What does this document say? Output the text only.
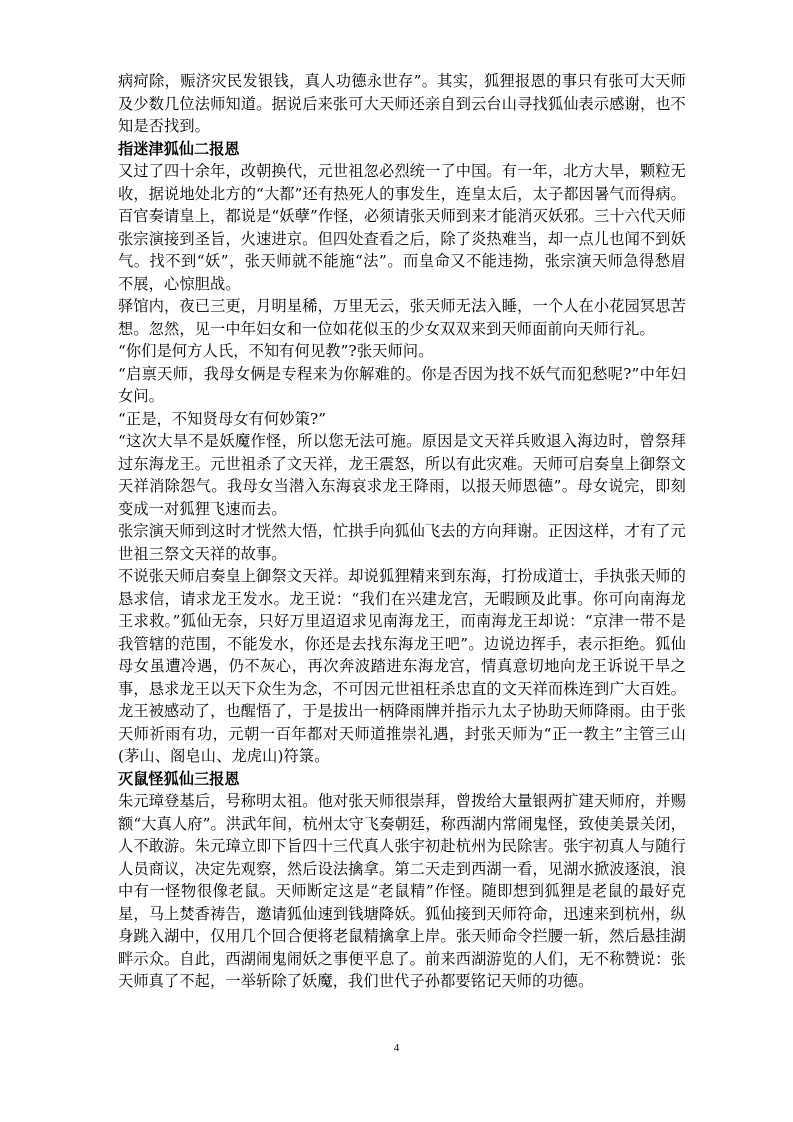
病疴除，赈济灾民发银钱，真人功德永世存”。其实，狐狸报恩的事只有张可大天师及少数几位法师知道。据说后来张可大天师还亲自到云台山寻找狐仙表示感谢，也不知是否找到。

指迷津狐仙二报恩

又过了四十余年，改朝换代，元世祖忽必烈统一了中国。有一年，北方大旱，颗粒无收，据说地处北方的“大都”还有热死人的事发生，连皇太后，太子都因暑气而得病。百官奏请皇上，都说是“妖孽”作怪，必须请张天师到来才能消灭妖邪。三十六代天师张宗演接到圣旨，火速进京。但四处查看之后，除了炎热难当，却一点儿也闻不到妖气。找不到“妖”，张天师就不能施“法”。而皇命又不能违拗，张宗演天师急得愁眉不展，心惊胆战。

驿馆内，夜已三更，月明星稀，万里无云，张天师无法入睡，一个人在小花园冥思苦想。忽然，见一中年妇女和一位如花似玉的少女双双来到天师面前向天师行礼。

“你们是何方人氏，不知有何见教”?张天师问。

“启禀天师，我母女俩是专程来为你解难的。你是否因为找不妖气而犯愁呢?”中年妇女问。

“正是，不知贤母女有何妙策?”

“这次大旱不是妖魔作怪，所以您无法可施。原因是文天祥兵败退入海边时，曾祭拜过东海龙王。元世祖杀了文天祥，龙王震怒，所以有此灾难。天师可启奏皇上御祭文天祥消除怨气。我母女当潜入东海哀求龙王降雨，以报天师恩德”。母女说完，即刻变成一对狐狸飞速而去。

张宗演天师到这时才恍然大悟，忙拱手向狐仙飞去的方向拜谢。正因这样，才有了元世祖三祭文天祥的故事。

不说张天师启奏皇上御祭文天祥。却说狐狸精来到东海，打扮成道士，手执张天师的恳求信，请求龙王发水。龙王说：“我们在兴建龙宫，无暇顾及此事。你可向南海龙王求救。”狐仙无奈，只好万里迢迢求见南海龙王，而南海龙王却说：“京津一带不是我管辖的范围，不能发水，你还是去找东海龙王吧”。边说边挥手，表示拒绝。狐仙母女虽遭冷遇，仍不灰心，再次奔波踏进东海龙宫，情真意切地向龙王诉说干旱之事，恳求龙王以天下众生为念，不可因元世祖枉杀忠直的文天祥而株连到广大百姓。龙王被感动了，也醒悟了，于是拔出一柄降雨牌并指示九太子协助天师降雨。由于张天师祈雨有功，元朝一百年都对天师道推崇礼遇，封张天师为“正一教主”主管三山(茅山、阁皂山、龙虎山)符箓。

灭鼠怪狐仙三报恩

朱元璋登基后，号称明太祖。他对张天师很崇拜，曾拨给大量银两扩建天师府，并赐额“大真人府”。洪武年间，杭州太守飞奏朝廷，称西湖内常闹鬼怪，致使美景关闭，人不敢游。朱元璋立即下旨四十三代真人张宇初赴杭州为民除害。张宇初真人与随行人员商议，决定先观察，然后设法擒拿。第二天走到西湖一看，见湖水掀波逐浪，浪中有一怪物很像老鼠。天师断定这是“老鼠精”作怪。随即想到狐狸是老鼠的最好克星，马上焚香祷告，邀请狐仙速到钱塘降妖。狐仙接到天师符命，迅速来到杭州，纵身跳入湖中，仅用几个回合便将老鼠精擒拿上岸。张天师命令拦腰一斩，然后悬挂湖畔示众。自此，西湖闹鬼闹妖之事便平息了。前来西湖游览的人们，无不称赞说：张天师真了不起，一举斩除了妖魔，我们世代子孙都要铭记天师的功德。

4
